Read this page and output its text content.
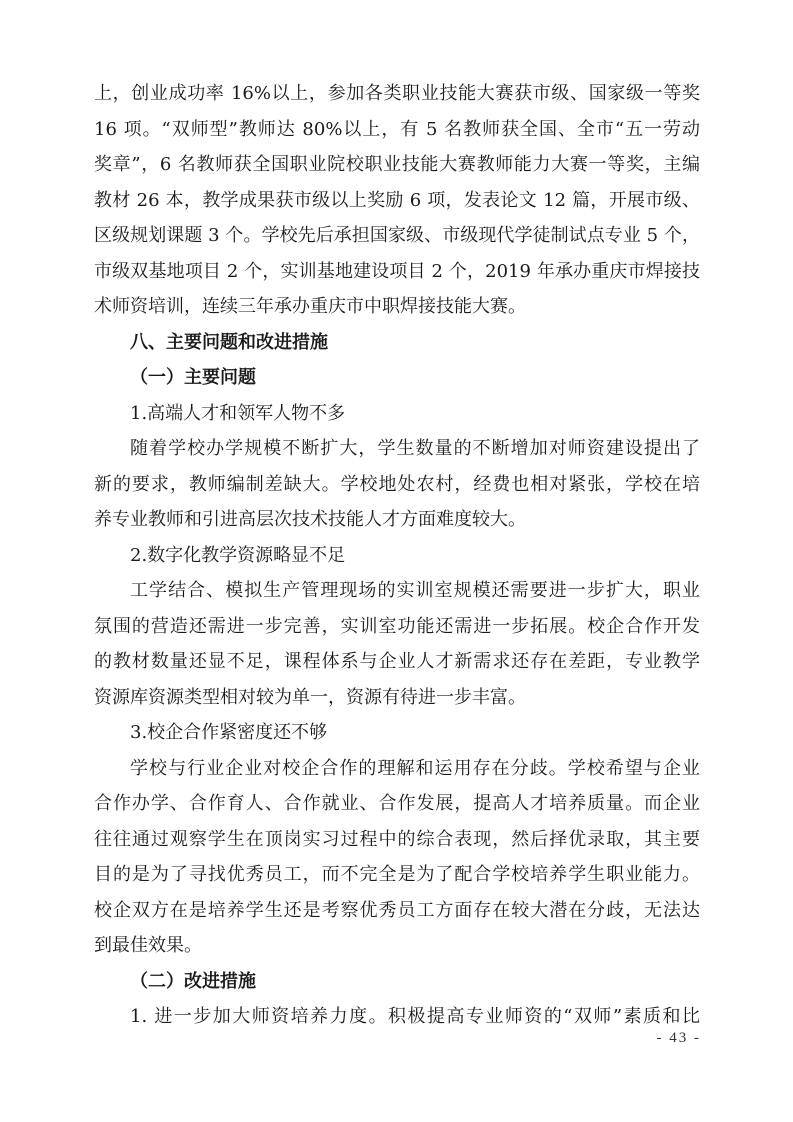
上，创业成功率 16%以上，参加各类职业技能大赛获市级、国家级一等奖
16 项。“双师型”教师达 80%以上，有 5 名教师获全国、全市“五一劳动
奖章”，6 名教师获全国职业院校职业技能大赛教师能力大赛一等奖，主编
教材 26 本，教学成果获市级以上奖励 6 项，发表论文 12 篇，开展市级、
区级规划课题 3 个。学校先后承担国家级、市级现代学徒制试点专业 5 个，
市级双基地项目 2 个，实训基地建设项目 2 个，2019 年承办重庆市焊接技
术师资培训，连续三年承办重庆市中职焊接技能大赛。
八、主要问题和改进措施
（一）主要问题
1.高端人才和领军人物不多
随着学校办学规模不断扩大，学生数量的不断增加对师资建设提出了
新的要求，教师编制差缺大。学校地处农村，经费也相对紧张，学校在培
养专业教师和引进高层次技术技能人才方面难度较大。
2.数字化教学资源略显不足
工学结合、模拟生产管理现场的实训室规模还需要进一步扩大，职业
氛围的营造还需进一步完善，实训室功能还需进一步拓展。校企合作开发
的教材数量还显不足，课程体系与企业人才新需求还存在差距，专业教学
资源库资源类型相对较为单一，资源有待进一步丰富。
3.校企合作紧密度还不够
学校与行业企业对校企合作的理解和运用存在分歧。学校希望与企业
合作办学、合作育人、合作就业、合作发展，提高人才培养质量。而企业
往往通过观察学生在顶岗实习过程中的综合表现，然后择优录取，其主要
目的是为了寻找优秀员工，而不完全是为了配合学校培养学生职业能力。
校企双方在是培养学生还是考察优秀员工方面存在较大潜在分歧，无法达
到最佳效果。
（二）改进措施
1. 进一步加大师资培养力度。积极提高专业师资的“双师”素质和比
- 43 -
